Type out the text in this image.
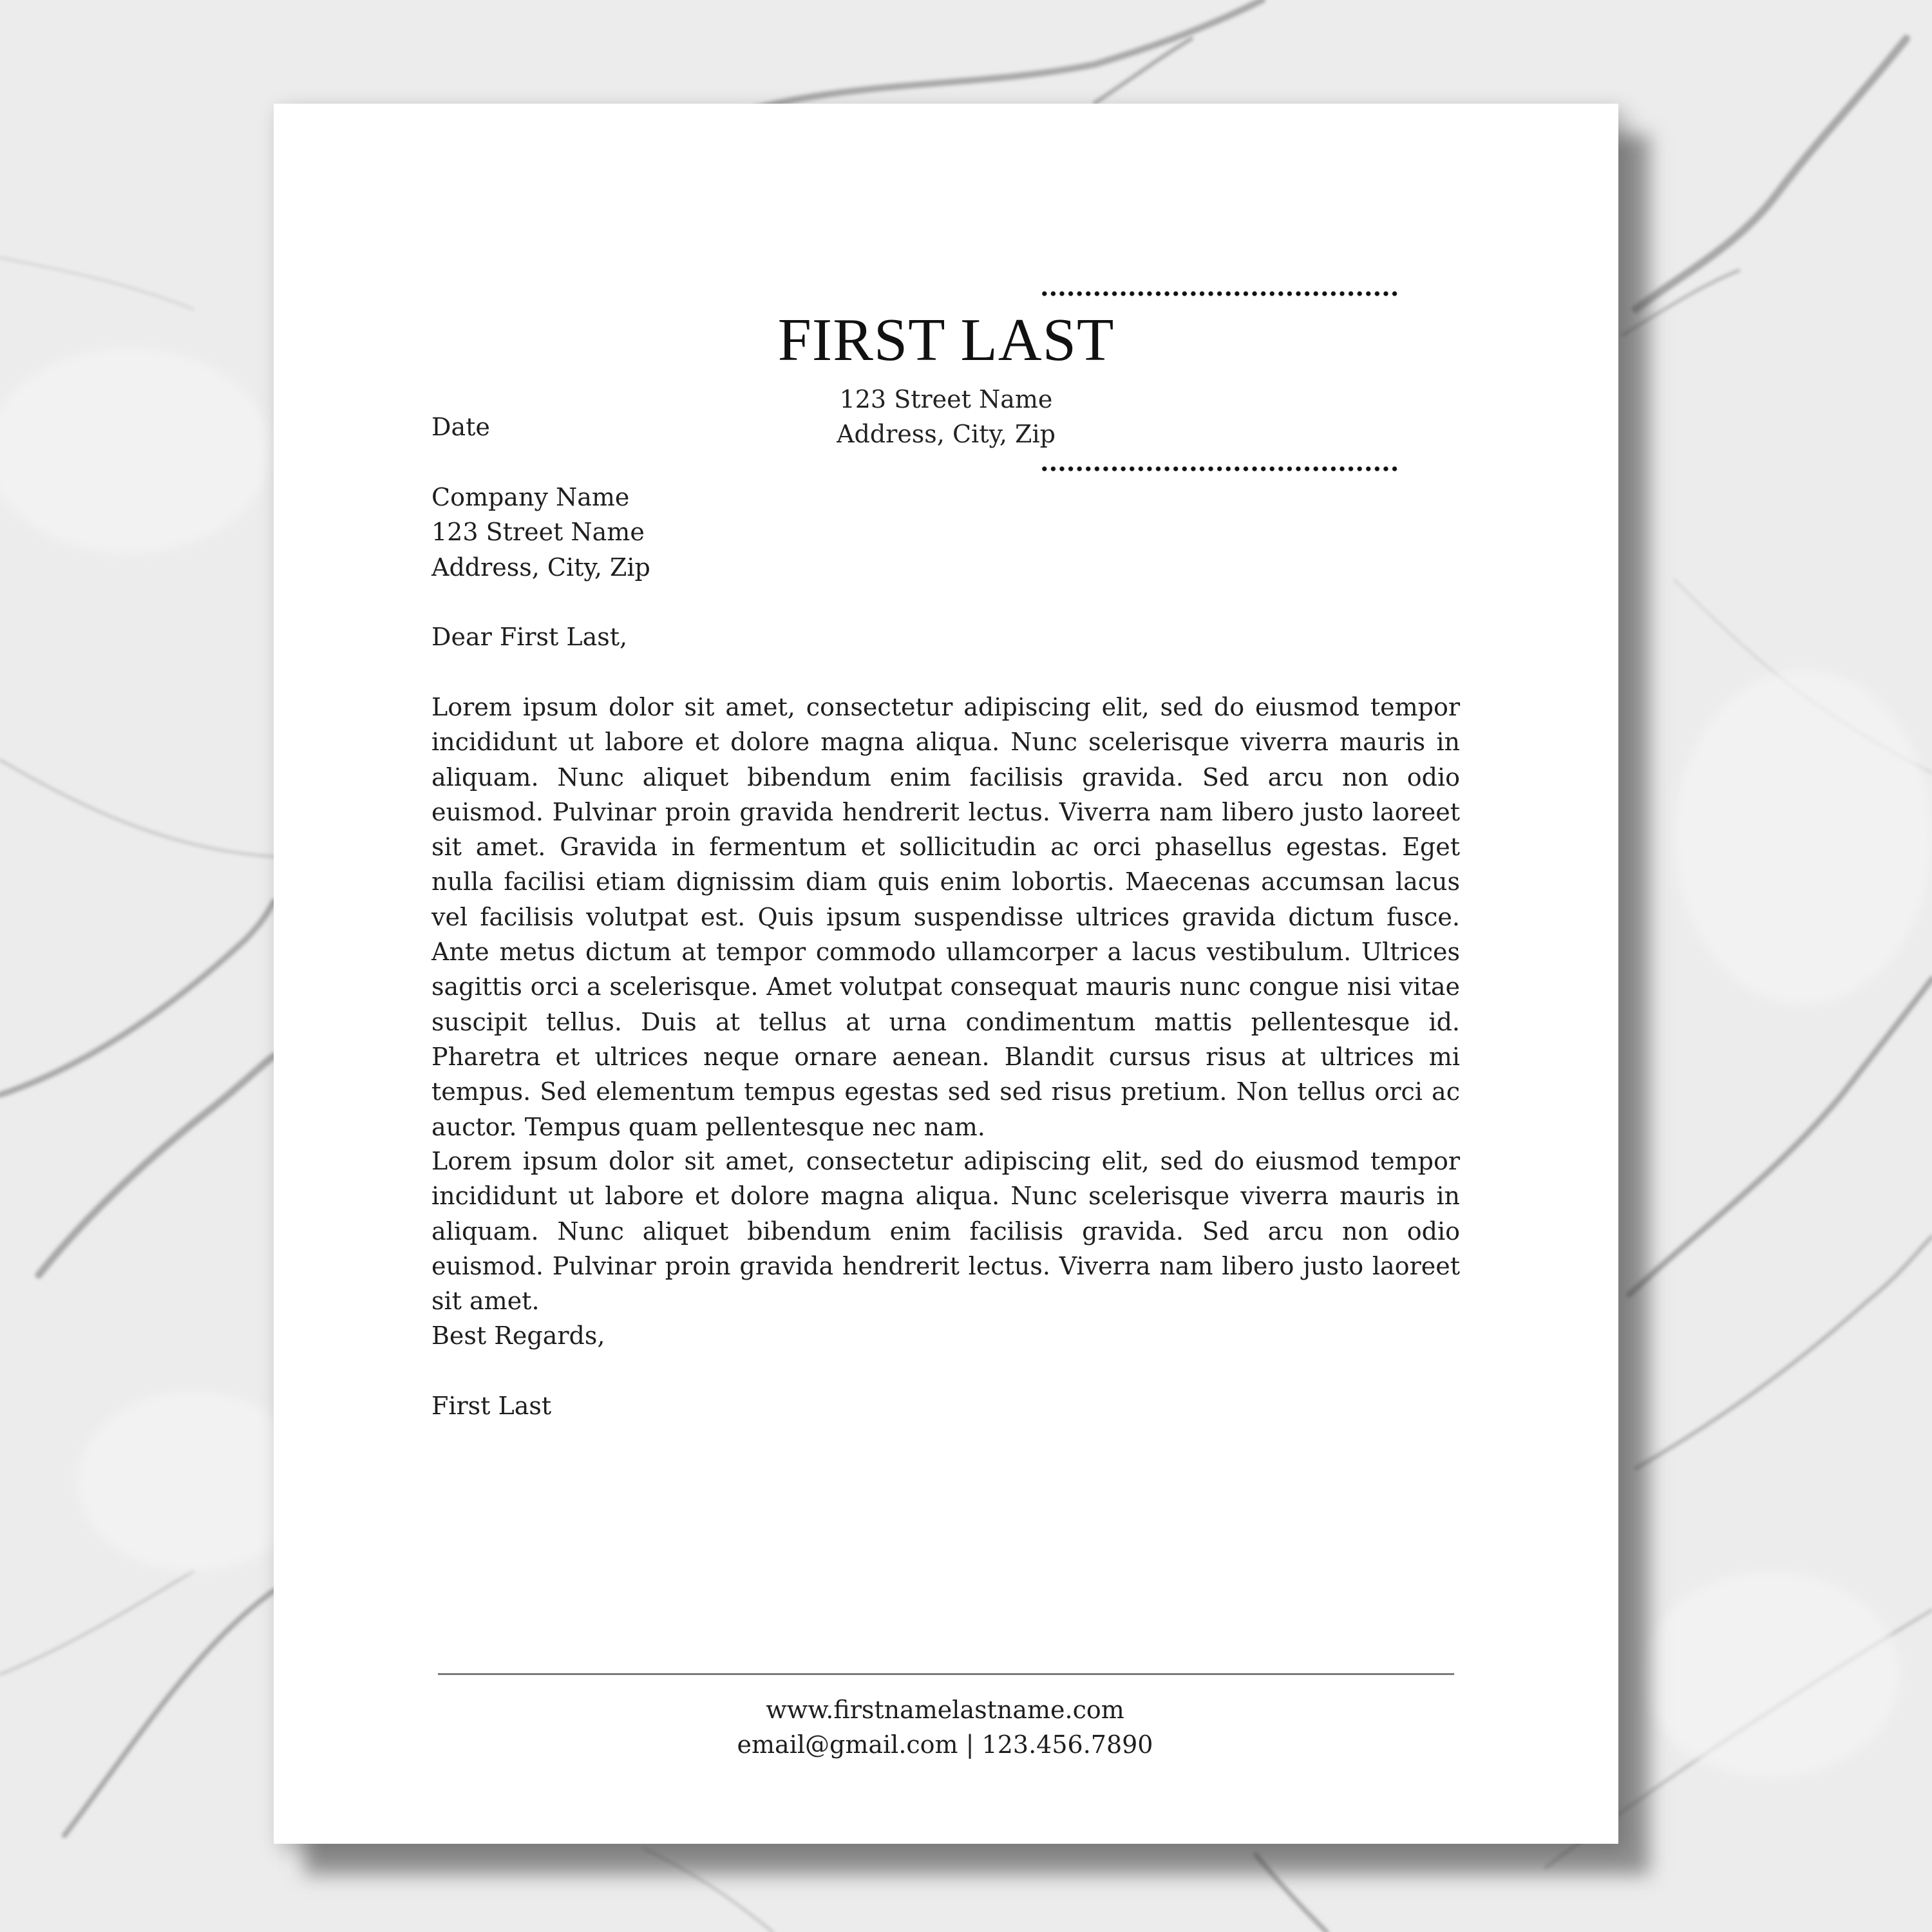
FIRST LAST
123 Street Name
Address, City, Zip
Date

Company Name

123 Street Name

Address, City, Zip

Dear First Last,
Lorem ipsum dolor sit amet, consectetur adipiscing elit, sed do eiusmod tempor incididunt ut labore et dolore magna aliqua. Nunc scelerisque viverra mauris in aliquam. Nunc aliquet bibendum enim facilisis gravida. Sed arcu non odio euismod. Pulvinar proin gravida hendrerit lectus. Viverra nam libero justo laoreet sit amet. Gravida in fermentum et sollicitudin ac orci phasellus egestas. Eget nulla facilisi etiam dignissim diam quis enim lobortis. Maecenas accumsan lacus vel facilisis volutpat est. Quis ipsum suspendisse ultrices gravida dictum fusce. Ante metus dictum at tempor commodo ullamcorper a lacus vestibulum. Ultrices sagittis orci a scelerisque. Amet volutpat consequat mauris nunc congue nisi vitae suscipit tellus. Duis at tellus at urna condimentum mattis pellentesque id. Pharetra et ultrices neque ornare aenean. Blandit cursus risus at ultrices mi tempus. Sed elementum tempus egestas sed sed risus pretium. Non tellus orci ac auctor. Tempus quam pellentesque nec nam.
Lorem ipsum dolor sit amet, consectetur adipiscing elit, sed do eiusmod tempor incididunt ut labore et dolore magna aliqua. Nunc scelerisque viverra mauris in aliquam. Nunc aliquet bibendum enim facilisis gravida. Sed arcu non odio euismod. Pulvinar proin gravida hendrerit lectus. Viverra nam libero justo laoreet sit amet.
Best Regards,
First Last
www.firstnamelastname.com
email@gmail.com | 123.456.7890
